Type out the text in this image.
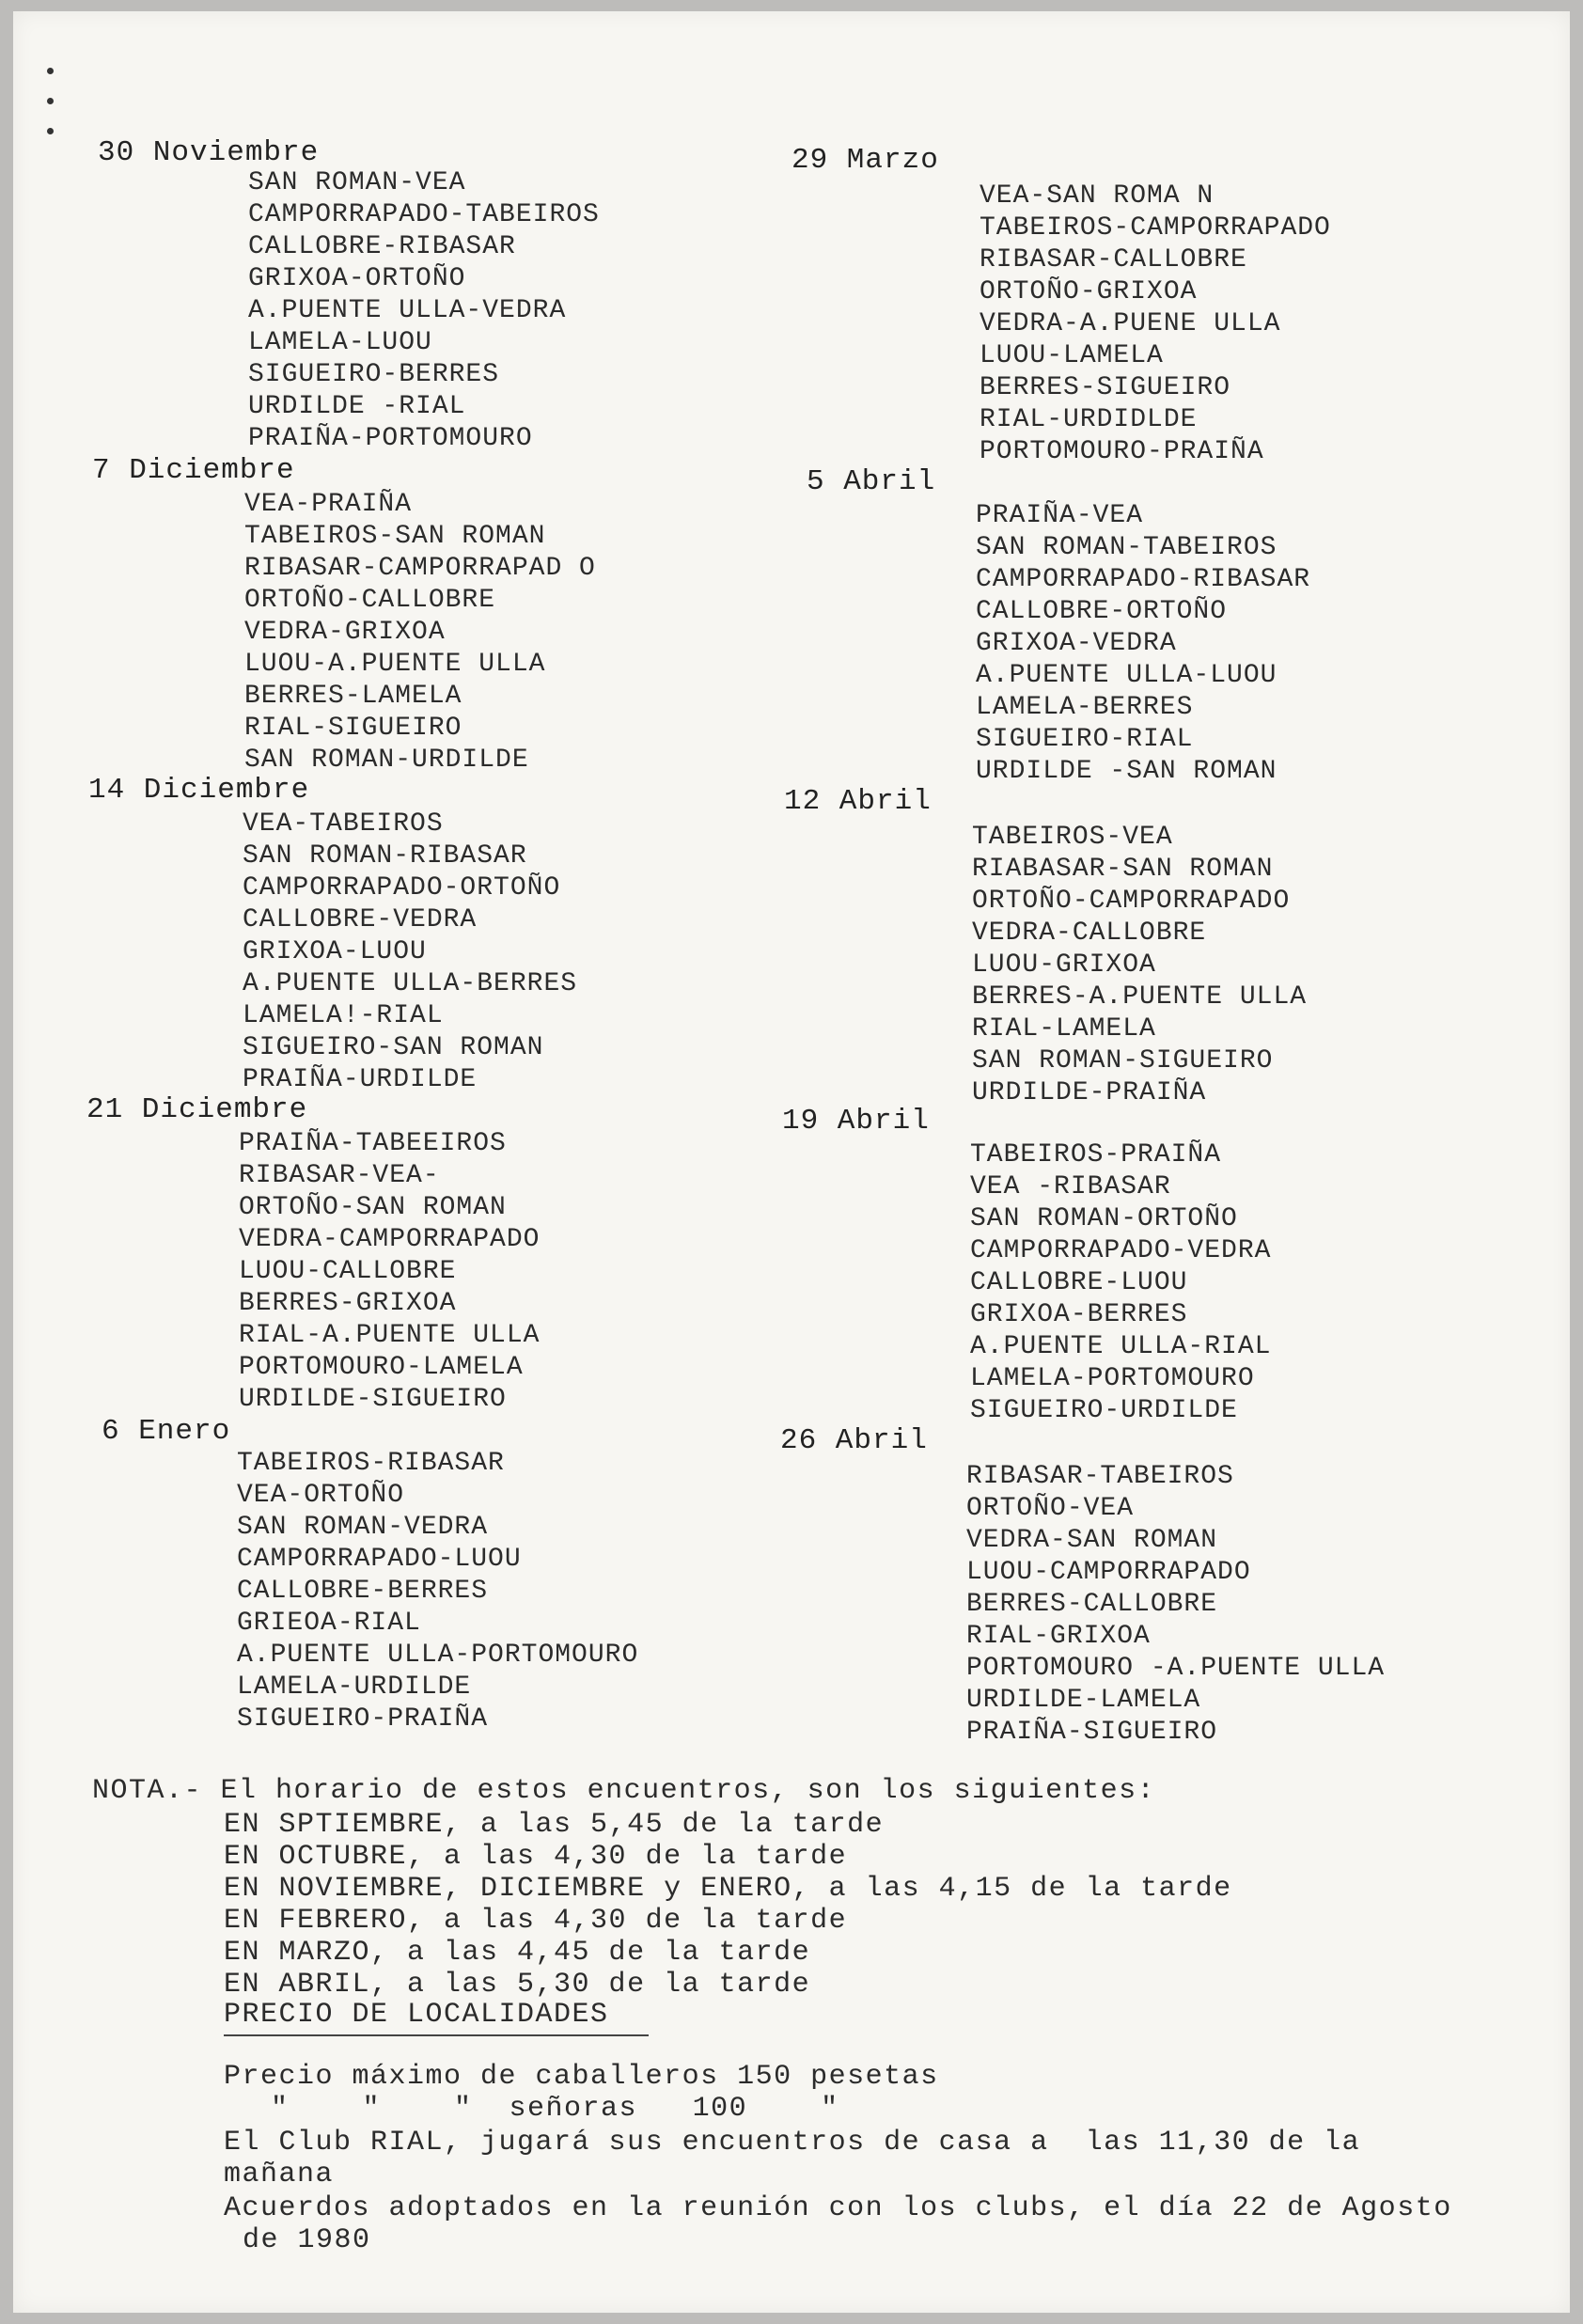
30 Noviembre
SAN ROMAN-VEA
CAMPORRAPADO-TABEIROS
CALLOBRE-RIBASAR
GRIXOA-ORTOÑO
A.PUENTE ULLA-VEDRA
LAMELA-LUOU
SIGUEIRO-BERRES
URDILDE -RIAL
PRAIÑA-PORTOMOURO
7 Diciembre
VEA-PRAIÑA
TABEIROS-SAN ROMAN
RIBASAR-CAMPORRAPAD O
ORTOÑO-CALLOBRE
VEDRA-GRIXOA
LUOU-A.PUENTE ULLA
BERRES-LAMELA
RIAL-SIGUEIRO
SAN ROMAN-URDILDE
14 Diciembre
VEA-TABEIROS
SAN ROMAN-RIBASAR
CAMPORRAPADO-ORTOÑO
CALLOBRE-VEDRA
GRIXOA-LUOU
A.PUENTE ULLA-BERRES
LAMELA!-RIAL
SIGUEIRO-SAN ROMAN
PRAIÑA-URDILDE
21 Diciembre
PRAIÑA-TABEEIROS
RIBASAR-VEA-
ORTOÑO-SAN ROMAN
VEDRA-CAMPORRAPADO
LUOU-CALLOBRE
BERRES-GRIXOA
RIAL-A.PUENTE ULLA
PORTOMOURO-LAMELA
URDILDE-SIGUEIRO
6 Enero
TABEIROS-RIBASAR
VEA-ORTOÑO
SAN ROMAN-VEDRA
CAMPORRAPADO-LUOU
CALLOBRE-BERRES
GRIEOA-RIAL
A.PUENTE ULLA-PORTOMOURO
LAMELA-URDILDE
SIGUEIRO-PRAIÑA
29 Marzo
VEA-SAN ROMA N
TABEIROS-CAMPORRAPADO
RIBASAR-CALLOBRE
ORTOÑO-GRIXOA
VEDRA-A.PUENE ULLA
LUOU-LAMELA
BERRES-SIGUEIRO
RIAL-URDIDLDE
PORTOMOURO-PRAIÑA
5 Abril
PRAIÑA-VEA
SAN ROMAN-TABEIROS
CAMPORRAPADO-RIBASAR
CALLOBRE-ORTOÑO
GRIXOA-VEDRA
A.PUENTE ULLA-LUOU
LAMELA-BERRES
SIGUEIRO-RIAL
URDILDE -SAN ROMAN
12 Abril
TABEIROS-VEA
RIABASAR-SAN ROMAN
ORTOÑO-CAMPORRAPADO
VEDRA-CALLOBRE
LUOU-GRIXOA
BERRES-A.PUENTE ULLA
RIAL-LAMELA
SAN ROMAN-SIGUEIRO
URDILDE-PRAIÑA
19 Abril
TABEIROS-PRAIÑA
VEA -RIBASAR
SAN ROMAN-ORTOÑO
CAMPORRAPADO-VEDRA
CALLOBRE-LUOU
GRIXOA-BERRES
A.PUENTE ULLA-RIAL
LAMELA-PORTOMOURO
SIGUEIRO-URDILDE
26 Abril
RIBASAR-TABEIROS
ORTOÑO-VEA
VEDRA-SAN ROMAN
LUOU-CAMPORRAPADO
BERRES-CALLOBRE
RIAL-GRIXOA
PORTOMOURO -A.PUENTE ULLA
URDILDE-LAMELA
PRAIÑA-SIGUEIRO
NOTA.- El horario de estos encuentros, son los siguientes:
EN SPTIEMBRE, a las 5,45 de la tarde
EN OCTUBRE, a las 4,30 de la tarde
EN NOVIEMBRE, DICIEMBRE y ENERO, a las 4,15 de la tarde
EN FEBRERO, a las 4,30 de la tarde
EN MARZO, a las 4,45 de la tarde
EN ABRIL, a las 5,30 de la tarde
PRECIO DE LOCALIDADES
Precio máximo de caballeros 150 pesetas
"    "    "  señoras   100    "
El Club RIAL, jugará sus encuentros de casa a  las 11,30 de la
mañana
Acuerdos adoptados en la reunión con los clubs, el día 22 de Agosto
de 1980
